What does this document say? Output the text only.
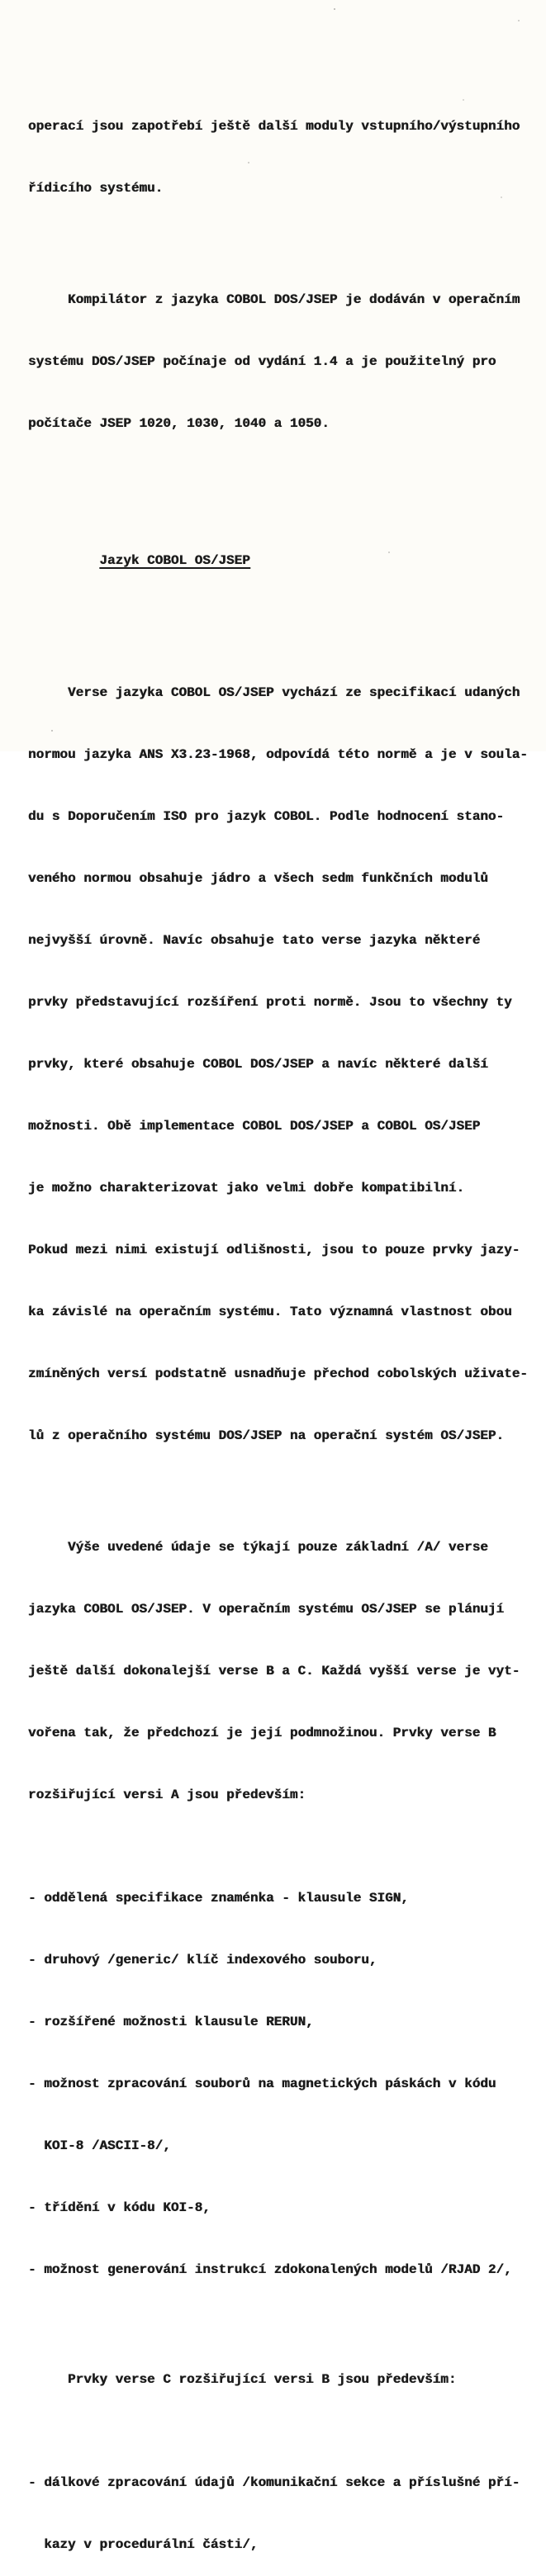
operací jsou zapotřebí ještě další moduly vstupního/výstupního

řídicího systému.

Kompilátor z jazyka COBOL DOS/JSEP je dodáván v operačním

systému DOS/JSEP počínaje od vydání 1.4 a je použitelný pro

počítače JSEP 1020, 1030, 1040 a 1050.

Jazyk COBOL OS/JSEP

Verse jazyka COBOL OS/JSEP vychází ze specifikací udaných

normou jazyka ANS X3.23-1968, odpovídá této normě a je v soula-

du s Doporučením ISO pro jazyk COBOL. Podle hodnocení stano-

veného normou obsahuje jádro a všech sedm funkčních modulů

nejvyšší úrovně. Navíc obsahuje tato verse jazyka některé

prvky představující rozšíření proti normě. Jsou to všechny ty

prvky, které obsahuje COBOL DOS/JSEP a navíc některé další

možnosti. Obě implementace COBOL DOS/JSEP a COBOL OS/JSEP

je možno charakterizovat jako velmi dobře kompatibilní.

Pokud mezi nimi existují odlišnosti, jsou to pouze prvky jazy-

ka závislé na operačním systému. Tato významná vlastnost obou

zmíněných versí podstatně usnadňuje přechod cobolských uživate-

lů z operačního systému DOS/JSEP na operační systém OS/JSEP.

Výše uvedené údaje se týkají pouze základní /A/ verse

jazyka COBOL OS/JSEP. V operačním systému OS/JSEP se plánují

ještě další dokonalejší verse B a C. Každá vyšší verse je vyt-

vořena tak, že předchozí je její podmnožinou. Prvky verse B

rozšiřující versi A jsou především:

- oddělená specifikace znaménka - klausule SIGN,

- druhový /generic/ klíč indexového souboru,

- rozšířené možnosti klausule RERUN,

- možnost zpracování souborů na magnetických páskách v kódu

KOI-8 /ASCII-8/,

- třídění v kódu KOI-8,

- možnost generování instrukcí zdokonalených modelů /RJAD 2/,

Prvky verse C rozšiřující versi B jsou především:

- dálkové zpracování údajů /komunikační sekce a příslušné pří-

kazy v procedurální části/,
